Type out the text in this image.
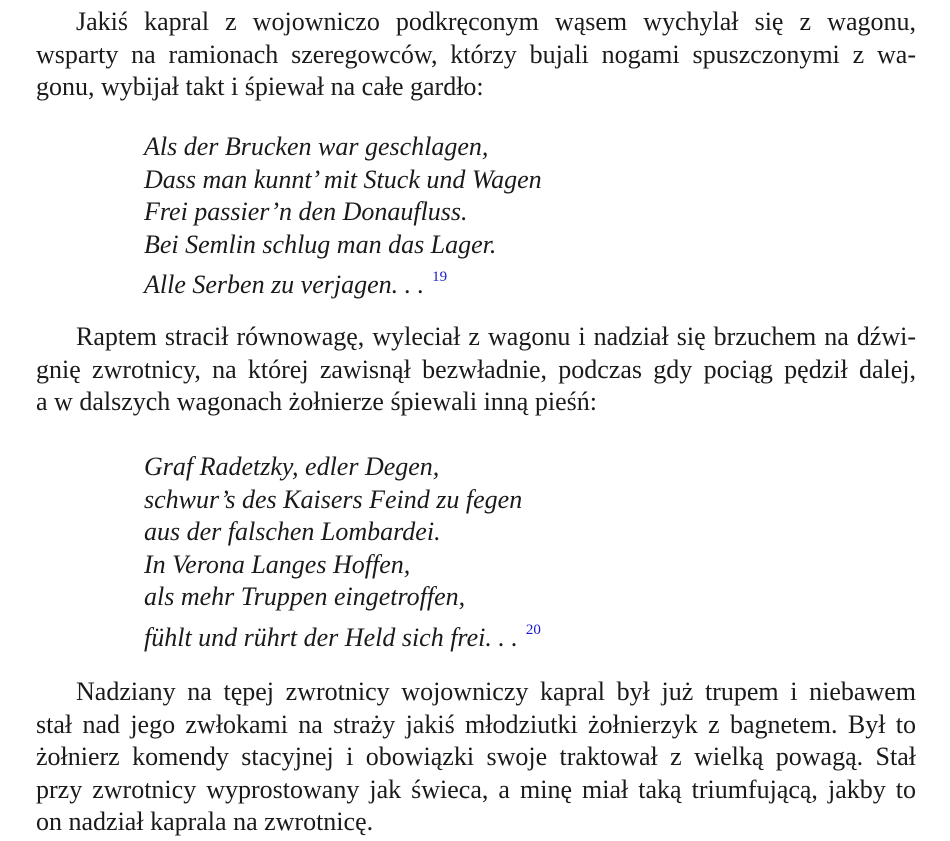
Jakiś kapral z wojowniczo podkręconym wąsem wychylał się z wagonu,
wsparty na ramionach szeregowców, którzy bujali nogami spuszczonymi z wa-
gonu, wybijał takt i śpiewał na całe gardło:

Als der Brucken war geschlagen,
Dass man kunnt’ mit Stuck und Wagen
Frei passier’n den Donaufluss.
Bei Semlin schlug man das Lager.
Alle Serben zu verjagen. . . $^{19}$

Raptem stracił równowagę, wyleciał z wagonu i nadział się brzuchem na dźwi-
gnię zwrotnicy, na której zawisnął bezwładnie, podczas gdy pociąg pędził dalej,
a w dalszych wagonach żołnierze śpiewali inną pieśń:

Graf Radetzky, edler Degen,
schwur’s des Kaisers Feind zu fegen
aus der falschen Lombardei.
In Verona Langes Hoffen,
als mehr Truppen eingetroffen,
fühlt und rührt der Held sich frei. . . $^{20}$

Nadziany na tępej zwrotnicy wojowniczy kapral był już trupem i niebawem
stał nad jego zwłokami na straży jakiś młodziutki żołnierzyk z bagnetem. Był to
żołnierz komendy stacyjnej i obowiązki swoje traktował z wielką powagą. Stał
przy zwrotnicy wyprostowany jak świeca, a minę miał taką triumfującą, jakby to
on nadział kaprala na zwrotnicę.
